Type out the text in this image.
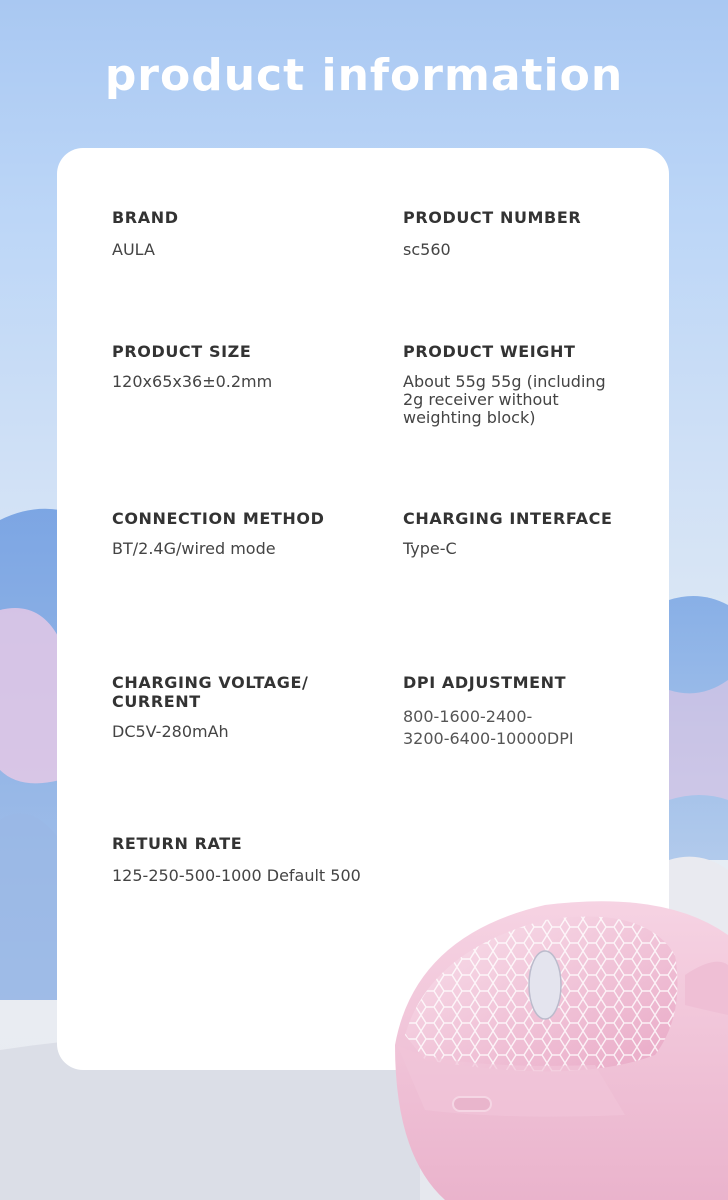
product information
BRAND
AULA
PRODUCT NUMBER
sc560
PRODUCT SIZE
120x65x36±0.2mm
PRODUCT WEIGHT
About 55g 55g (including
2g receiver without
weighting block)
CONNECTION METHOD
BT/2.4G/wired mode
CHARGING INTERFACE
Type-C
CHARGING VOLTAGE/
CURRENT
DC5V-280mAh
DPI ADJUSTMENT
800-1600-2400-
3200-6400-10000DPI
RETURN RATE
125-250-500-1000 Default 500
